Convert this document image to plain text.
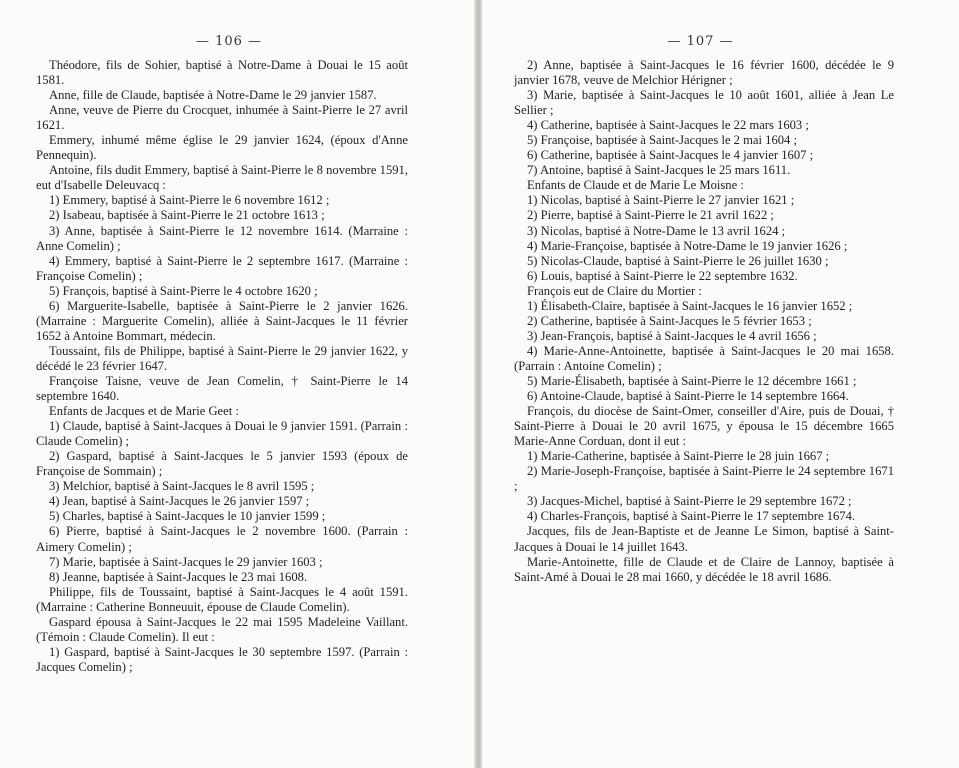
— 106 —

Théodore, fils de Sohier, baptisé à Notre-Dame à Douai le 15 août 1581.

Anne, fille de Claude, baptisée à Notre-Dame le 29 janvier 1587.

Anne, veuve de Pierre du Crocquet, inhumée à Saint-Pierre le 27 avril 1621.

Emmery, inhumé même église le 29 janvier 1624, (époux d'Anne Pennequin).

Antoine, fils dudit Emmery, baptisé à Saint-Pierre le 8 novembre 1591, eut d'Isabelle Deleuvacq :

1) Emmery, baptisé à Saint-Pierre le 6 novembre 1612 ;

2) Isabeau, baptisée à Saint-Pierre le 21 octobre 1613 ;

3) Anne, baptisée à Saint-Pierre le 12 novembre 1614. (Marraine : Anne Comelin) ;

4) Emmery, baptisé à Saint-Pierre le 2 septembre 1617. (Marraine : Françoise Comelin) ;

5) François, baptisé à Saint-Pierre le 4 octobre 1620 ;

6) Marguerite-Isabelle, baptisée à Saint-Pierre le 2 janvier 1626. (Marraine : Marguerite Comelin), alliée à Saint-Jacques le 11 février 1652 à Antoine Bommart, médecin.

Toussaint, fils de Philippe, baptisé à Saint-Pierre le 29 janvier 1622, y décédé le 23 février 1647.

Françoise Taisne, veuve de Jean Comelin, † Saint-Pierre le 14 septembre 1640.

Enfants de Jacques et de Marie Geet :

1) Claude, baptisé à Saint-Jacques à Douai le 9 janvier 1591. (Parrain : Claude Comelin) ;

2) Gaspard, baptisé à Saint-Jacques le 5 janvier 1593 (époux de Françoise de Sommain) ;

3) Melchior, baptisé à Saint-Jacques le 8 avril 1595 ;

4) Jean, baptisé à Saint-Jacques le 26 janvier 1597 ;

5) Charles, baptisé à Saint-Jacques le 10 janvier 1599 ;

6) Pierre, baptisé à Saint-Jacques le 2 novembre 1600. (Parrain : Aimery Comelin) ;

7) Marie, baptisée à Saint-Jacques le 29 janvier 1603 ;

8) Jeanne, baptisée à Saint-Jacques le 23 mai 1608.

Philippe, fils de Toussaint, baptisé à Saint-Jacques le 4 août 1591. (Marraine : Catherine Bonneuuit, épouse de Claude Comelin).

Gaspard épousa à Saint-Jacques le 22 mai 1595 Madeleine Vaillant. (Témoin : Claude Comelin). Il eut :

1) Gaspard, baptisé à Saint-Jacques le 30 septembre 1597. (Parrain : Jacques Comelin) ;

— 107 —

2) Anne, baptisée à Saint-Jacques le 16 février 1600, décédée le 9 janvier 1678, veuve de Melchior Hérigner ;

3) Marie, baptisée à Saint-Jacques le 10 août 1601, alliée à Jean Le Sellier ;

4) Catherine, baptisée à Saint-Jacques le 22 mars 1603 ;

5) Françoise, baptisée à Saint-Jacques le 2 mai 1604 ;

6) Catherine, baptisée à Saint-Jacques le 4 janvier 1607 ;

7) Antoine, baptisé à Saint-Jacques le 25 mars 1611.

Enfants de Claude et de Marie Le Moisne :

1) Nicolas, baptisé à Saint-Pierre le 27 janvier 1621 ;

2) Pierre, baptisé à Saint-Pierre le 21 avril 1622 ;

3) Nicolas, baptisé à Notre-Dame le 13 avril 1624 ;

4) Marie-Françoise, baptisée à Notre-Dame le 19 janvier 1626 ;

5) Nicolas-Claude, baptisé à Saint-Pierre le 26 juillet 1630 ;

6) Louis, baptisé à Saint-Pierre le 22 septembre 1632.

François eut de Claire du Mortier :

1) Élisabeth-Claire, baptisée à Saint-Jacques le 16 janvier 1652 ;

2) Catherine, baptisée à Saint-Jacques le 5 février 1653 ;

3) Jean-François, baptisé à Saint-Jacques le 4 avril 1656 ;

4) Marie-Anne-Antoinette, baptisée à Saint-Jacques le 20 mai 1658. (Parrain : Antoine Comelin) ;

5) Marie-Élisabeth, baptisée à Saint-Pierre le 12 décembre 1661 ;

6) Antoine-Claude, baptisé à Saint-Pierre le 14 septembre 1664.

François, du diocèse de Saint-Omer, conseiller d'Aire, puis de Douai, † Saint-Pierre à Douai le 20 avril 1675, y épousa le 15 décembre 1665 Marie-Anne Corduan, dont il eut :

1) Marie-Catherine, baptisée à Saint-Pierre le 28 juin 1667 ;

2) Marie-Joseph-Françoise, baptisée à Saint-Pierre le 24 septembre 1671 ;

3) Jacques-Michel, baptisé à Saint-Pierre le 29 septembre 1672 ;

4) Charles-François, baptisé à Saint-Pierre le 17 septembre 1674.

Jacques, fils de Jean-Baptiste et de Jeanne Le Simon, baptisé à Saint-Jacques à Douai le 14 juillet 1643.

Marie-Antoinette, fille de Claude et de Claire de Lannoy, baptisée à Saint-Amé à Douai le 28 mai 1660, y décédée le 18 avril 1686.
